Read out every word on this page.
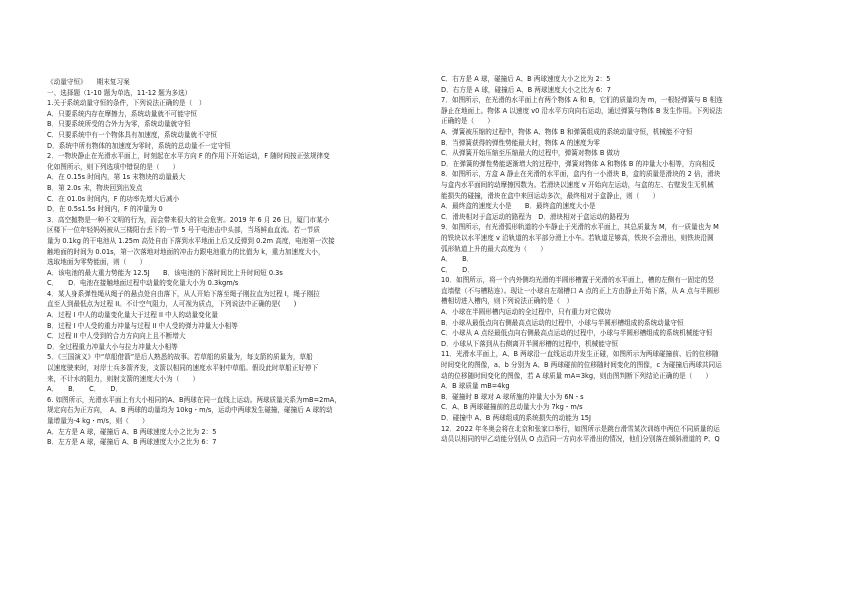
《动量守恒》　　期末复习案
一、选择题（1-10 题为单选，11-12 题为多选）
1.关于系统动量守恒的条件，下列说法正确的是（　）
A．只要系统内存在摩擦力，系统动量就不可能守恒
B．只要系统所受的合外力为零，系统动量就守恒
C．只要系统中有一个物体具有加速度，系统动量就不守恒
D．系统中所有物体的加速度为零时，系统的总动量不一定守恒
2．一物块静止在光滑水平面上，时刻起在水平方向 F 的作用下开始运动，F 随时间按正弦规律变
化如图所示，则下列选项中错误的是（　　）
A．在 0.15s 时间内，第 1s 末物块的动量最大
B．第 2.0s 末，物块回到出发点
C．在 01.0s 时间内，F 的功率先增大后减小
D．在 0.5s1.5s 时间内，F 的冲量为 0
3．高空抛物是一种不文明的行为，而会带来很大的社会危害。2019 年 6 月 26 日，厦门市某小
区楼下一位年轻妈妈被从三楼阳台丢下的一节 5 号干电池击中头部，当场鲜血直流。若一节质
量为 0.1kg 的干电池从 1.25m 高处自由下落到水平地面上后又反弹到 0.2m 高度，电池第一次接
触地面的时间为 0.01s，第一次落地对地面的冲击力跟电池重力的比值为 k，重力加速度大小，
选取地面为零势能面，则（　　）
A．该电池的最大重力势能为 12.5J　　B．该电池的下落时间比上升时间短 0.3s
C．　　D．电池在接触地面过程中动量的变化量大小为 0.3kgm/s
4．某人身系弹性绳从绳子的悬点处自由落下，从人开始下落至绳子刚拉直为过程 I，绳子刚拉
直至人到最低点为过程 II。不计空气阻力，人可视为质点，下列说法中正确的是(　　)
A．过程 I 中人的动量变化量大于过程 II 中人的动量变化量
B．过程 I 中人受的重力冲量与过程 II 中人受的弹力冲量大小相等
C．过程 II 中人受到的合力方向向上且不断增大
D．全过程重力冲量大小与拉力冲量大小相等
5．《三国演义》中“草船借箭”是后人熟悉的故事。若草船的质量为，每支箭的质量为，草船
以速度驶来时，对岸士兵多箭齐发，支箭以相同的速度水平射中草船。假设此时草船正好停下
来，不计水的阻力，则射支箭的速度大小为（　　）
A．　　B．　　C．　　D．
6. 如图所示，光滑水平面上有大小相同的A、B两球在同一直线上运动。两球质量关系为mB=2mA，
规定向右为正方向，　A、B 两球的动量均为 10kg・m/s，运动中两球发生碰撞，碰撞后 A 球的动
量增量为-4 kg・m/s，则（　　）
A．左方是 A 球，碰撞后 A、B 两球速度大小之比为 2：5
B．左方是 A 球，碰撞后 A、B 两球速度大小之比为 6：7
C．右方是 A 球，碰撞后 A、B 两球速度大小之比为 2：5
D．右方是 A 球，碰撞后 A、B 两球速度大小之比为 6：7
7．如图所示，在光滑的水平面上有两个物体 A 和 B，它们的质量均为 m，一根轻弹簧与 B 相连
静止在地面上。物体 A 以速度 v0 沿水平方向向右运动，通过弹簧与物体 B 发生作用。下列说法
正确的是（　　）
A．弹簧被压缩的过程中，物体 A、物体 B 和弹簧组成的系统动量守恒，机械能不守恒
B．当弹簧获得的弹性势能最大时，物体 A 的速度为零
C．从弹簧开始压缩至压缩最大的过程中，弹簧对物体 B 做功
D．在弹簧的弹性势能逐渐增大的过程中，弹簧对物体 A 和物体 B 的冲量大小相等，方向相反
8．如图所示，方盒 A 静止在光滑的水平面，盒内有一小滑块 B，盒的质量是滑块的 2 倍，滑块
与盒内水平面间的动摩擦因数为。若滑块以速度 v 开始向左运动，与盒的左、右壁发生无机械
能损失的碰撞，滑块在盒中来回运动多次，最终相对于盒静止，则（　　）
A．最终盒的速度大小是　　B．最终盒的速度大小是
C．滑块相对于盒运动的路程为　D．滑块相对于盒运动的路程为
9．如图所示，有光滑弧形轨道的小车静止于光滑的水平面上，其总质量为 M，有一质量也为 M
的铁块以水平速度 v 沿轨道的水平部分滑上小车。若轨道足够高，铁块不会滑出，则铁块沿圆
弧形轨道上升的最大高度为（　　）
A．　　B．
C．　　D．
10．如图所示，将一个内外侧均光滑的半圆形槽置于光滑的水平面上，槽的左侧有一固定的竖
直墙壁（不与槽粘连）。现让一小球自左端槽口 A 点的正上方由静止开始下落，从 A 点与半圆形
槽相切进入槽内，则下列说法正确的是（　）
A．小球在半圆形槽内运动的全过程中，只有重力对它做功
B．小球从最低点向右侧最高点运动的过程中，小球与半圆形槽组成的系统动量守恒
C．小球从 A 点经最低点向右侧最高点运动的过程中，小球与半圆形槽组成的系统机械能守恒
D．小球从下落到从右侧离开半圆形槽的过程中，机械能守恒
11．光滑水平面上，A、B 两球沿一直线运动并发生正碰，如图所示为两球碰撞前、后的位移随
时间变化的图像，a、b 分别为 A、B 两球碰前的位移随时间变化的图像，c 为碰撞后两球共同运
动的位移随时间变化的图像，若 A 球质量 mA=3kg，则由图判断下列结论正确的是（　　）
A．B 球质量 mB=4kg
B．碰撞时 B 球对 A 球所施的冲量大小为 6N・s
C．A、B 两球碰撞前的总动量大小为 7kg・m/s
D．碰撞中 A、B 两球组成的系统损失的动能为 15J
12．2022 年冬奥会将在北京和张家口举行，如图所示是跳台滑雪某次训练中两位不同质量的运
动员以相同的甲乙动能分别从 O 点沿同一方向水平滑出的情况，他们分别落在倾斜滑道的 P、Q
